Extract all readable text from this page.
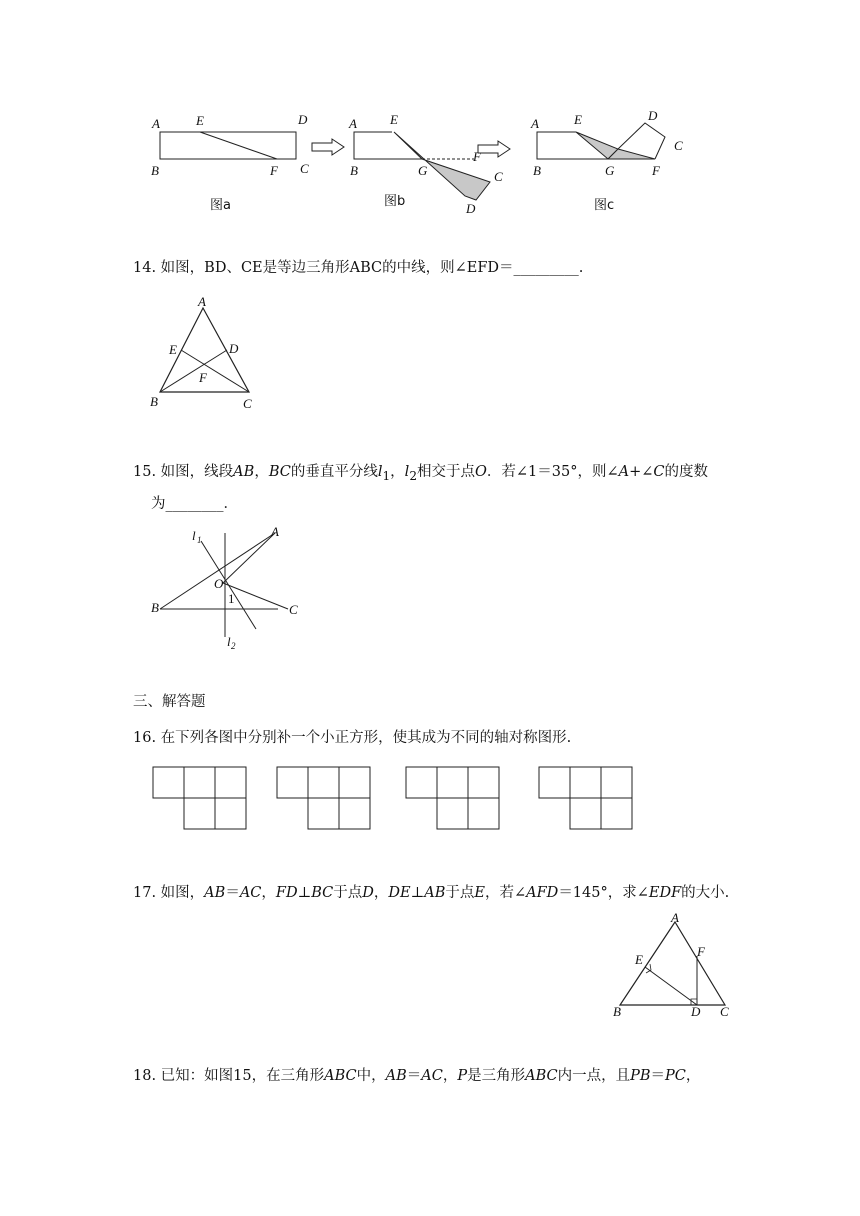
A	E	D
B	F C
图a
A	E
B	G
F
C
D
图b
A	E
B	G	F
D
C
图c
14. 如图，BD、CE是等边三角形ABC的中线，则∠EFD＝_________.
A
E	D
F
B	C
15. 如图，线段AB，BC的垂直平分线$l_1$，$l_2$相交于点O．若∠1＝35°，则∠A+∠C的度数
为________．
A
l 1
O
1
B	C
l 2
三、解答题
16. 在下列各图中分别补一个小正方形，使其成为不同的轴对称图形.
17. 如图，AB＝AC，FD⊥BC于点D，DE⊥AB于点E，若∠AFD＝145°，求∠EDF的大小.
A
E
F
B	D C
18. 已知：如图15，在三角形ABC中，AB＝AC，P是三角形ABC内一点，且PB＝PC，
